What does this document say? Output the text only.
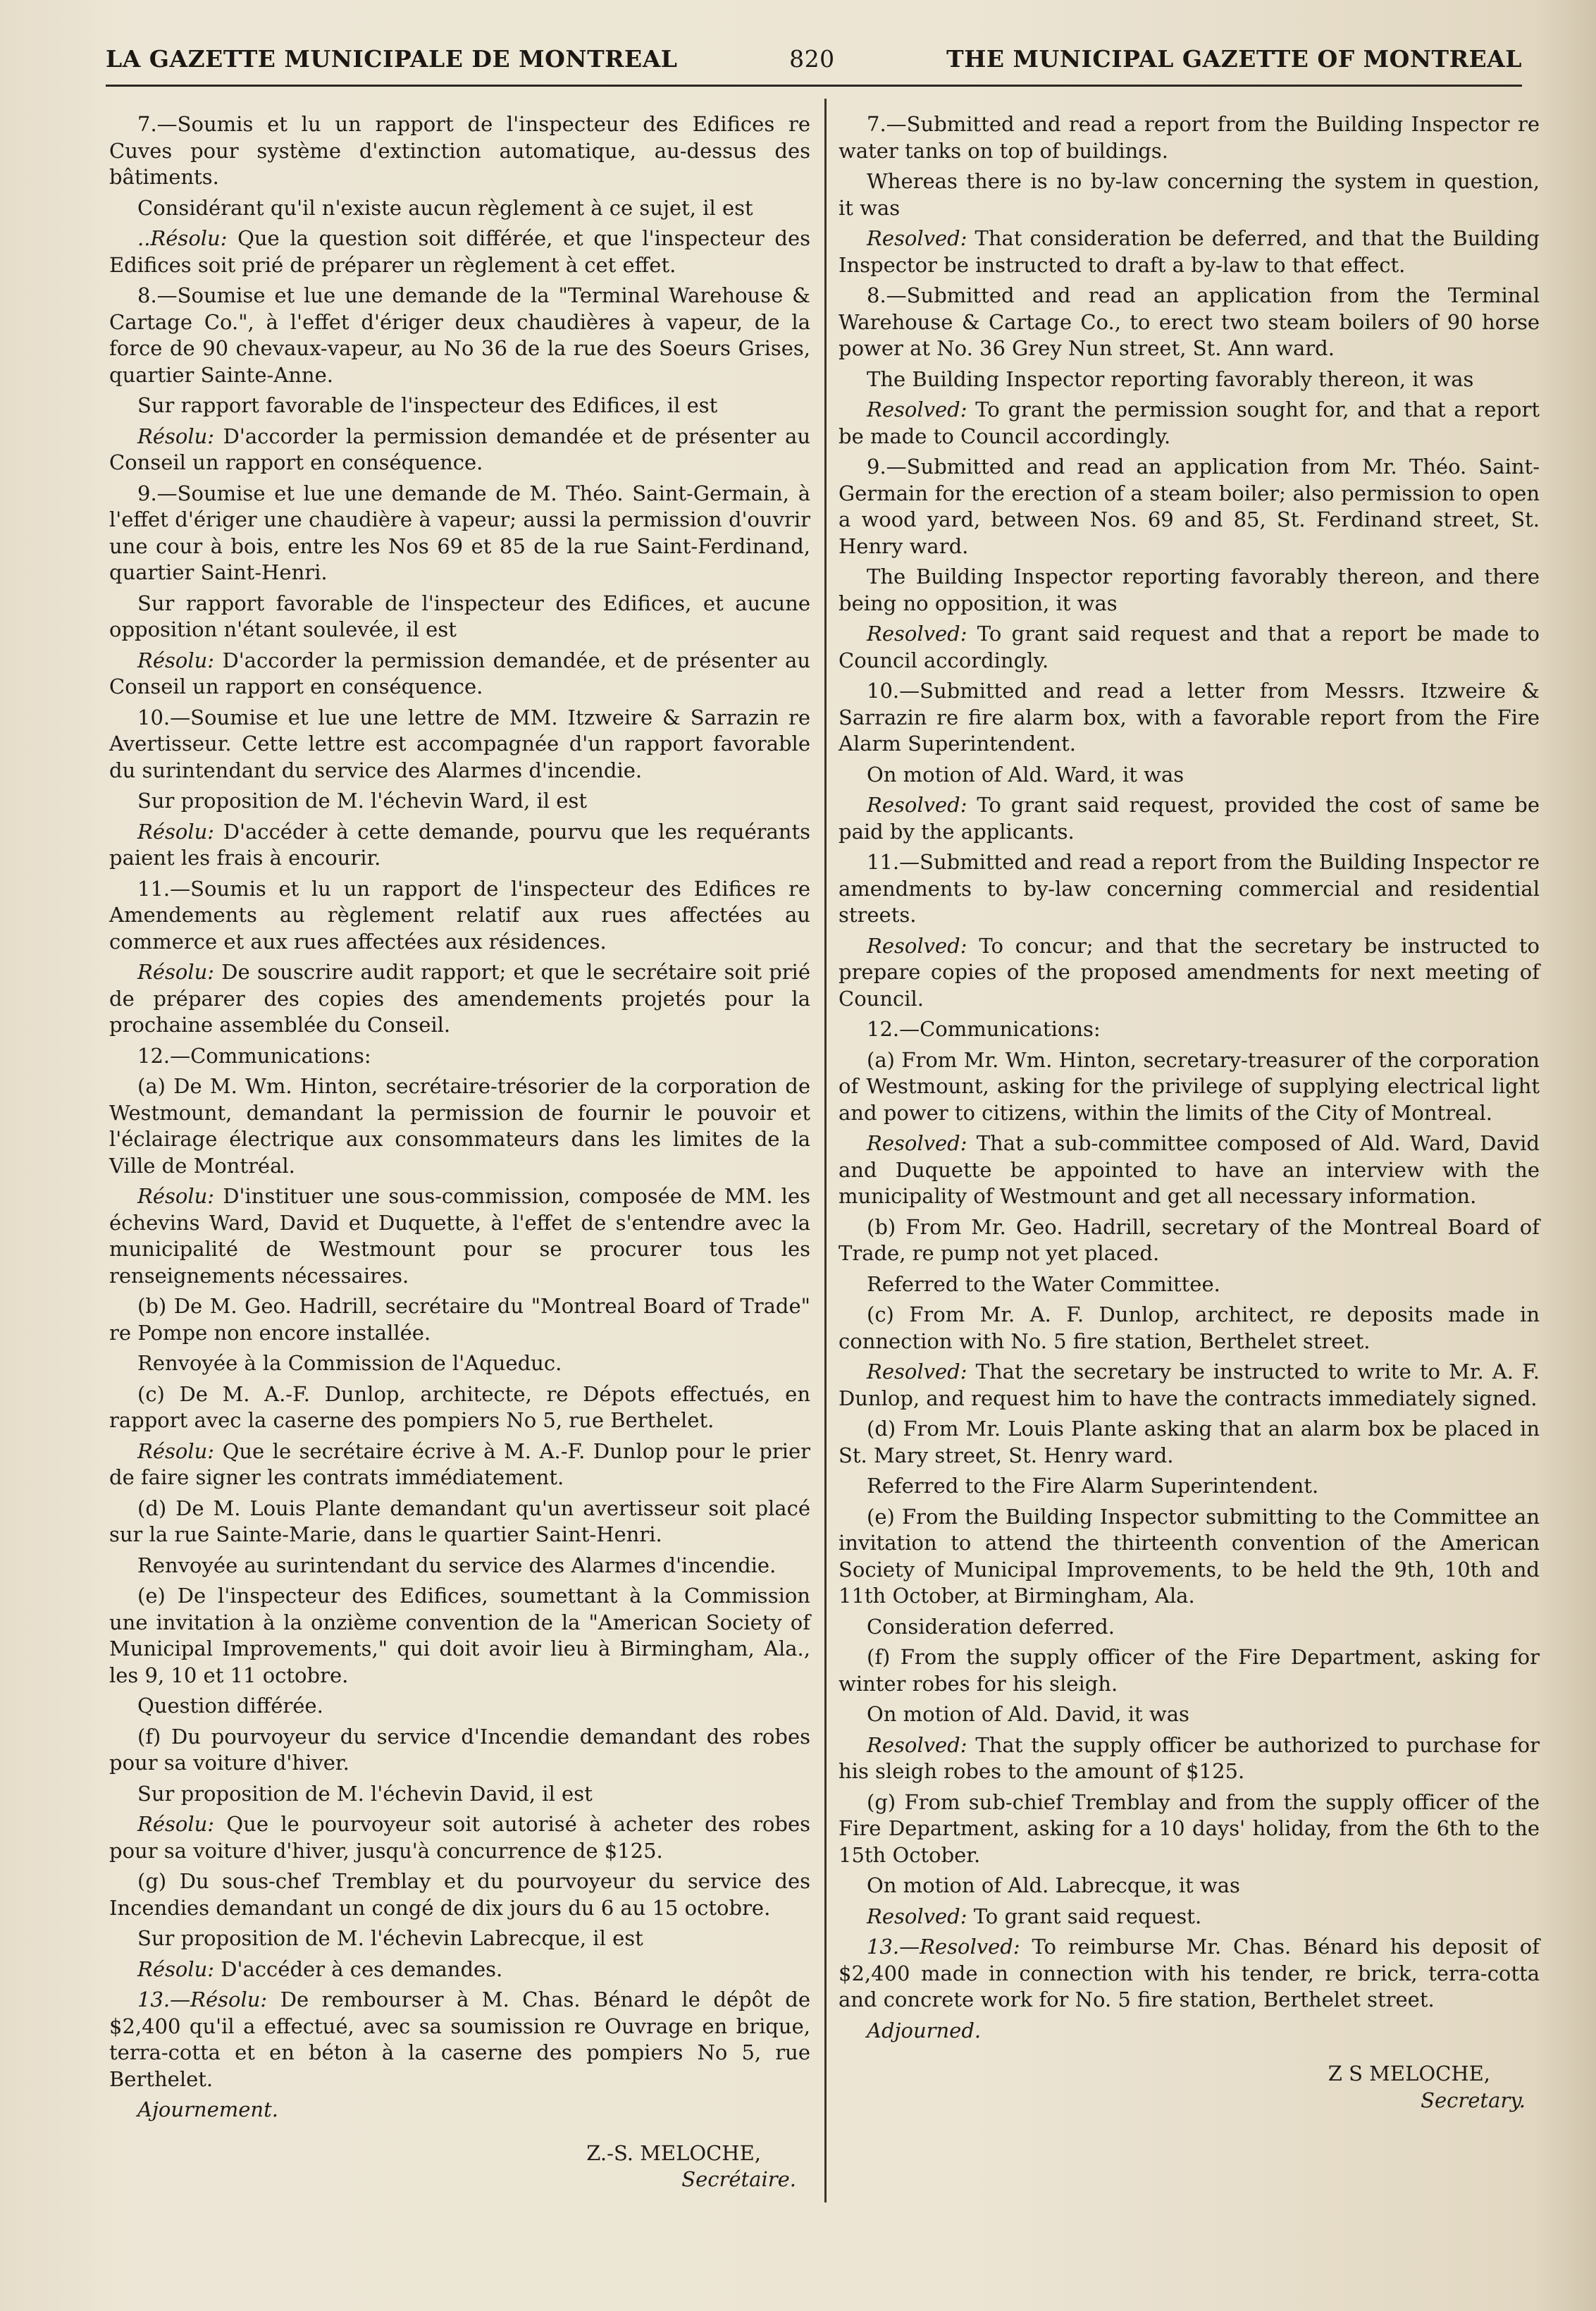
LA GAZETTE MUNICIPALE DE MONTREAL	820	THE MUNICIPAL GAZETTE OF MONTREAL

7.—Soumis et lu un rapport de l'inspecteur des Edifices re Cuves pour système d'extinction automatique, au-dessus des bâtiments.

Considérant qu'il n'existe aucun règlement à ce sujet, il est

..Résolu: Que la question soit différée, et que l'inspecteur des Edifices soit prié de préparer un règlement à cet effet.

8.—Soumise et lue une demande de la "Terminal Warehouse & Cartage Co.", à l'effet d'ériger deux chaudières à vapeur, de la force de 90 chevaux-vapeur, au No 36 de la rue des Soeurs Grises, quartier Sainte-Anne.

Sur rapport favorable de l'inspecteur des Edifices, il est

Résolu: D'accorder la permission demandée et de présenter au Conseil un rapport en conséquence.

9.—Soumise et lue une demande de M. Théo. Saint-Germain, à l'effet d'ériger une chaudière à vapeur; aussi la permission d'ouvrir une cour à bois, entre les Nos 69 et 85 de la rue Saint-Ferdinand, quartier Saint-Henri.

Sur rapport favorable de l'inspecteur des Edifices, et aucune opposition n'étant soulevée, il est

Résolu: D'accorder la permission demandée, et de présenter au Conseil un rapport en conséquence.

10.—Soumise et lue une lettre de MM. Itzweire & Sarrazin re Avertisseur. Cette lettre est accompagnée d'un rapport favorable du surintendant du service des Alarmes d'incendie.

Sur proposition de M. l'échevin Ward, il est

Résolu: D'accéder à cette demande, pourvu que les requérants paient les frais à encourir.

11.—Soumis et lu un rapport de l'inspecteur des Edifices re Amendements au règlement relatif aux rues affectées au commerce et aux rues affectées aux résidences.

Résolu: De souscrire audit rapport; et que le secrétaire soit prié de préparer des copies des amendements projetés pour la prochaine assemblée du Conseil.

12.—Communications:

(a) De M. Wm. Hinton, secrétaire-trésorier de la corporation de Westmount, demandant la permission de fournir le pouvoir et l'éclairage électrique aux consommateurs dans les limites de la Ville de Montréal.

Résolu: D'instituer une sous-commission, composée de MM. les échevins Ward, David et Duquette, à l'effet de s'entendre avec la municipalité de Westmount pour se procurer tous les renseignements nécessaires.

(b) De M. Geo. Hadrill, secrétaire du "Montreal Board of Trade" re Pompe non encore installée.

Renvoyée à la Commission de l'Aqueduc.

(c) De M. A.-F. Dunlop, architecte, re Dépots effectués, en rapport avec la caserne des pompiers No 5, rue Berthelet.

Résolu: Que le secrétaire écrive à M. A.-F. Dunlop pour le prier de faire signer les contrats immédiatement.

(d) De M. Louis Plante demandant qu'un avertisseur soit placé sur la rue Sainte-Marie, dans le quartier Saint-Henri.

Renvoyée au surintendant du service des Alarmes d'incendie.

(e) De l'inspecteur des Edifices, soumettant à la Commission une invitation à la onzième convention de la "American Society of Municipal Improvements," qui doit avoir lieu à Birmingham, Ala., les 9, 10 et 11 octobre.

Question différée.

(f) Du pourvoyeur du service d'Incendie demandant des robes pour sa voiture d'hiver.

Sur proposition de M. l'échevin David, il est

Résolu: Que le pourvoyeur soit autorisé à acheter des robes pour sa voiture d'hiver, jusqu'à concurrence de $125.

(g) Du sous-chef Tremblay et du pourvoyeur du service des Incendies demandant un congé de dix jours du 6 au 15 octobre.

Sur proposition de M. l'échevin Labrecque, il est

Résolu: D'accéder à ces demandes.

13.—Résolu: De rembourser à M. Chas. Bénard le dépôt de $2,400 qu'il a effectué, avec sa soumission re Ouvrage en brique, terra-cotta et en béton à la caserne des pompiers No 5, rue Berthelet.

Ajournement.

Z.-S. MELOCHE,

Secrétaire.

7.—Submitted and read a report from the Building Inspector re water tanks on top of buildings.

Whereas there is no by-law concerning the system in question, it was

Resolved: That consideration be deferred, and that the Building Inspector be instructed to draft a by-law to that effect.

8.—Submitted and read an application from the Terminal Warehouse & Cartage Co., to erect two steam boilers of 90 horse power at No. 36 Grey Nun street, St. Ann ward.

The Building Inspector reporting favorably thereon, it was

Resolved: To grant the permission sought for, and that a report be made to Council accordingly.

9.—Submitted and read an application from Mr. Théo. Saint-Germain for the erection of a steam boiler; also permission to open a wood yard, between Nos. 69 and 85, St. Ferdinand street, St. Henry ward.

The Building Inspector reporting favorably thereon, and there being no opposition, it was

Resolved: To grant said request and that a report be made to Council accordingly.

10.—Submitted and read a letter from Messrs. Itzweire & Sarrazin re fire alarm box, with a favorable report from the Fire Alarm Superintendent.

On motion of Ald. Ward, it was

Resolved: To grant said request, provided the cost of same be paid by the applicants.

11.—Submitted and read a report from the Building Inspector re amendments to by-law concerning commercial and residential streets.

Resolved: To concur; and that the secretary be instructed to prepare copies of the proposed amendments for next meeting of Council.

12.—Communications:

(a) From Mr. Wm. Hinton, secretary-treasurer of the corporation of Westmount, asking for the privilege of supplying electrical light and power to citizens, within the limits of the City of Montreal.

Resolved: That a sub-committee composed of Ald. Ward, David and Duquette be appointed to have an interview with the municipality of Westmount and get all necessary information.

(b) From Mr. Geo. Hadrill, secretary of the Montreal Board of Trade, re pump not yet placed.

Referred to the Water Committee.

(c) From Mr. A. F. Dunlop, architect, re deposits made in connection with No. 5 fire station, Berthelet street.

Resolved: That the secretary be instructed to write to Mr. A. F. Dunlop, and request him to have the contracts immediately signed.

(d) From Mr. Louis Plante asking that an alarm box be placed in St. Mary street, St. Henry ward.

Referred to the Fire Alarm Superintendent.

(e) From the Building Inspector submitting to the Committee an invitation to attend the thirteenth convention of the American Society of Municipal Improvements, to be held the 9th, 10th and 11th October, at Birmingham, Ala.

Consideration deferred.

(f) From the supply officer of the Fire Department, asking for winter robes for his sleigh.

On motion of Ald. David, it was

Resolved: That the supply officer be authorized to purchase for his sleigh robes to the amount of $125.

(g) From sub-chief Tremblay and from the supply officer of the Fire Department, asking for a 10 days' holiday, from the 6th to the 15th October.

On motion of Ald. Labrecque, it was

Resolved: To grant said request.

13.—Resolved: To reimburse Mr. Chas. Bénard his deposit of $2,400 made in connection with his tender, re brick, terra-cotta and concrete work for No. 5 fire station, Berthelet street.

Adjourned.

Z S MELOCHE,

Secretary.
